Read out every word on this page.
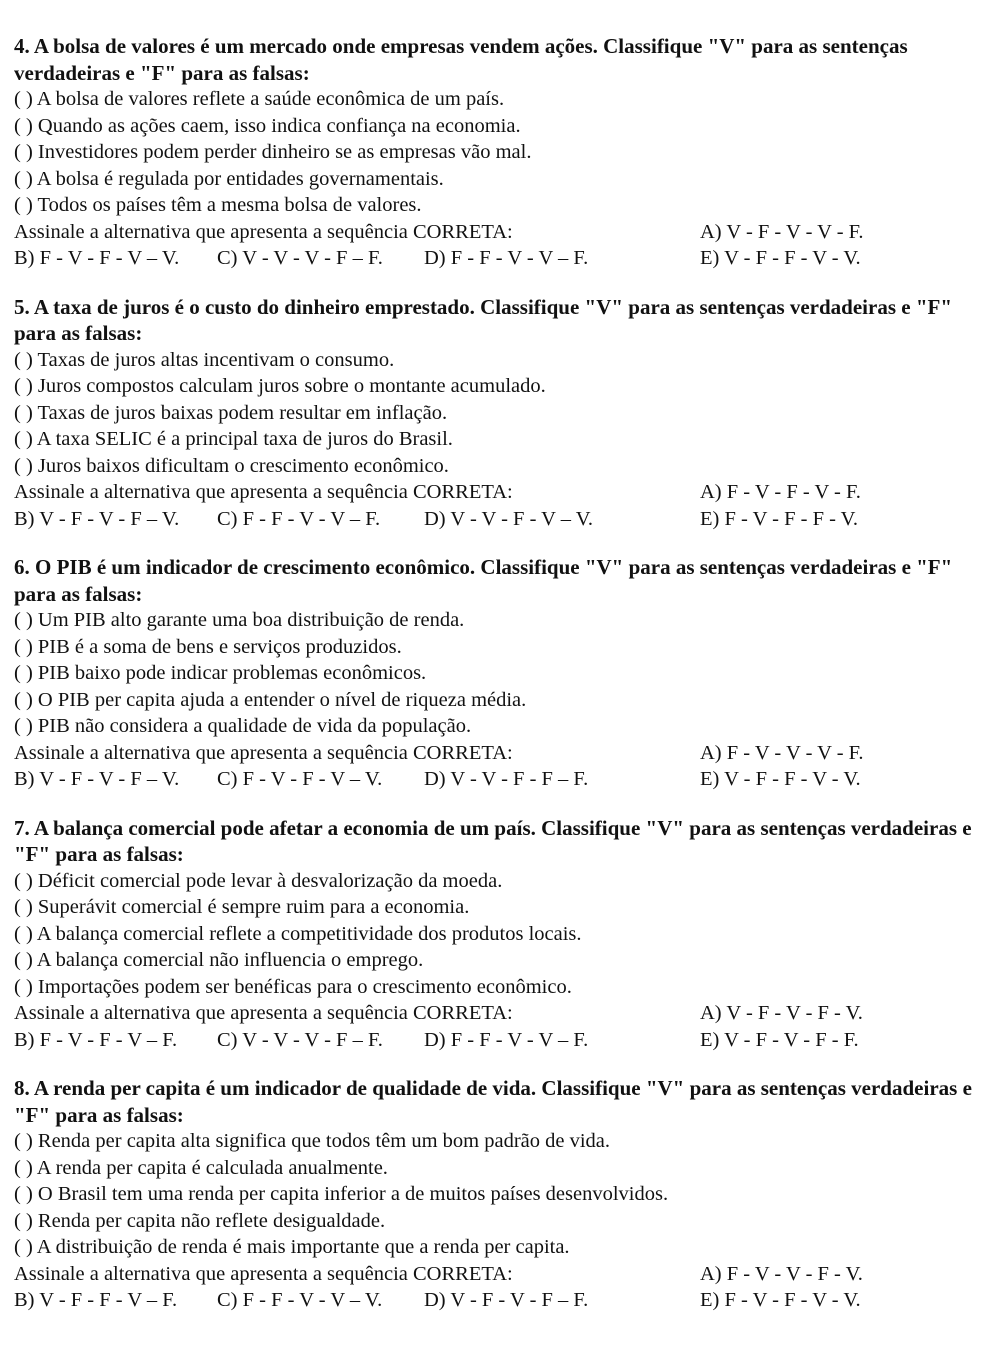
4. A bolsa de valores é um mercado onde empresas vendem ações. Classifique "V" para as sentenças verdadeiras e "F" para as falsas:

( ) A bolsa de valores reflete a saúde econômica de um país.
( ) Quando as ações caem, isso indica confiança na economia.
( ) Investidores podem perder dinheiro se as empresas vão mal.
( ) A bolsa é regulada por entidades governamentais.
( ) Todos os países têm a mesma bolsa de valores.
Assinale a alternativa que apresenta a sequência CORRETA:	A) V - F - V - V - F.
B) F - V - F - V – V. C) V - V - V - F – F. D) F - F - V - V – F.	E) V - F - F - V - V.

5. A taxa de juros é o custo do dinheiro emprestado. Classifique "V" para as sentenças verdadeiras e "F" para as falsas:

( ) Taxas de juros altas incentivam o consumo.
( ) Juros compostos calculam juros sobre o montante acumulado.
( ) Taxas de juros baixas podem resultar em inflação.
( ) A taxa SELIC é a principal taxa de juros do Brasil.
( ) Juros baixos dificultam o crescimento econômico.
Assinale a alternativa que apresenta a sequência CORRETA:	A) F - V - F - V - F.
B) V - F - V - F – V. C) F - F - V - V – F. D) V - V - F - V – V.	E) F - V - F - F - V.

6. O PIB é um indicador de crescimento econômico. Classifique "V" para as sentenças verdadeiras e "F" para as falsas:

( ) Um PIB alto garante uma boa distribuição de renda.
( ) PIB é a soma de bens e serviços produzidos.
( ) PIB baixo pode indicar problemas econômicos.
( ) O PIB per capita ajuda a entender o nível de riqueza média.
( ) PIB não considera a qualidade de vida da população.
Assinale a alternativa que apresenta a sequência CORRETA:	A) F - V - V - V - F.
B) V - F - V - F – V. C) F - V - F - V – V. D) V - V - F - F – F.	E) V - F - F - V - V.

7. A balança comercial pode afetar a economia de um país. Classifique "V" para as sentenças verdadeiras e "F" para as falsas:

( ) Déficit comercial pode levar à desvalorização da moeda.
( ) Superávit comercial é sempre ruim para a economia.
( ) A balança comercial reflete a competitividade dos produtos locais.
( ) A balança comercial não influencia o emprego.
( ) Importações podem ser benéficas para o crescimento econômico.
Assinale a alternativa que apresenta a sequência CORRETA:	A) V - F - V - F - V.
B) F - V - F - V – F. C) V - V - V - F – F. D) F - F - V - V – F.	E) V - F - V - F - F.

8. A renda per capita é um indicador de qualidade de vida. Classifique "V" para as sentenças verdadeiras e "F" para as falsas:

( ) Renda per capita alta significa que todos têm um bom padrão de vida.
( ) A renda per capita é calculada anualmente.
( ) O Brasil tem uma renda per capita inferior a de muitos países desenvolvidos.
( ) Renda per capita não reflete desigualdade.
( ) A distribuição de renda é mais importante que a renda per capita.
Assinale a alternativa que apresenta a sequência CORRETA:	A) F - V - V - F - V.
B) V - F - F - V – F. C) F - F - V - V – V. D) V - F - V - F – F.	E) F - V - F - V - V.
